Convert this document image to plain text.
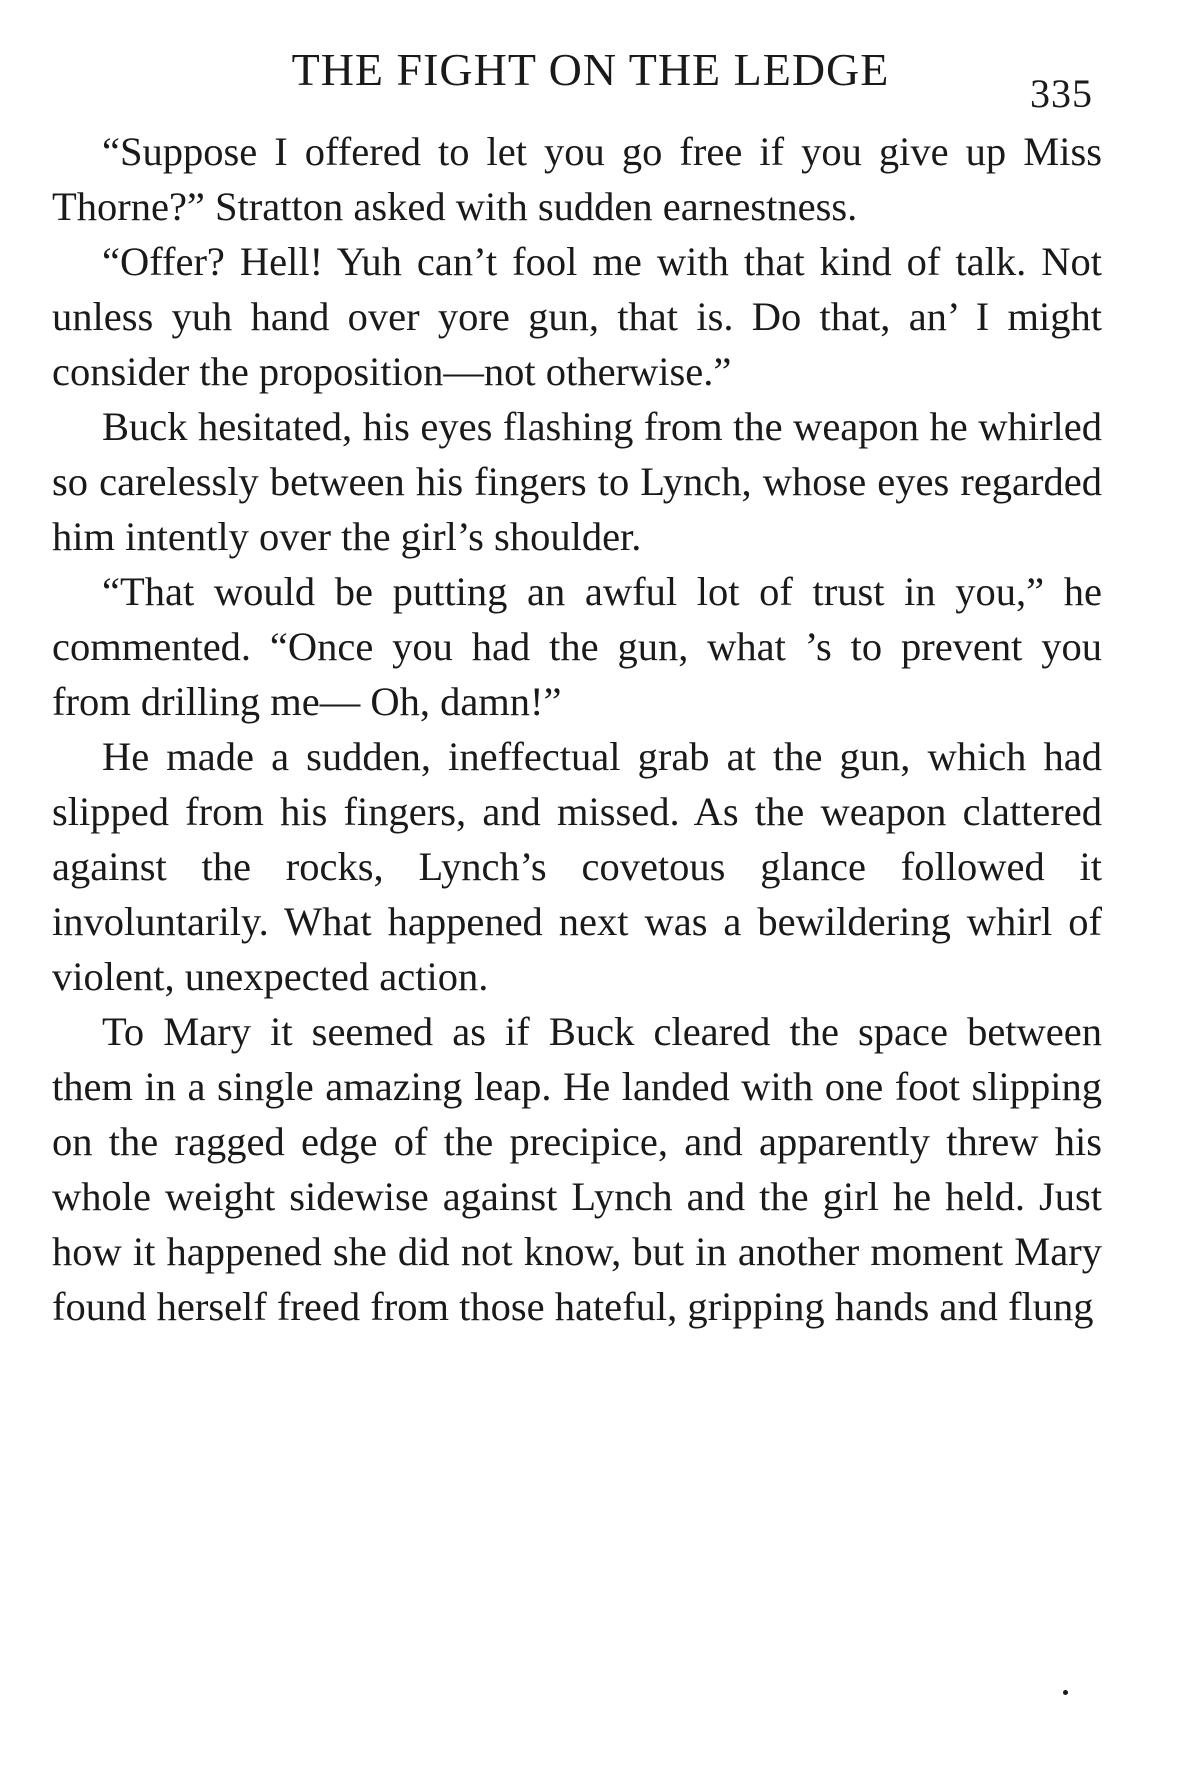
THE FIGHT ON THE LEDGE	335

“Suppose I offered to let you go free if you give up Miss Thorne?” Stratton asked with sudden earnestness.

“Offer? Hell! Yuh can’t fool me with that kind of talk. Not unless yuh hand over yore gun, that is. Do that, an’ I might consider the proposition—not otherwise.”

Buck hesitated, his eyes flashing from the weapon he whirled so carelessly between his fingers to Lynch, whose eyes regarded him intently over the girl’s shoulder.

“That would be putting an awful lot of trust in you,” he commented. “Once you had the gun, what ’s to prevent you from drilling me— Oh, damn!”

He made a sudden, ineffectual grab at the gun, which had slipped from his fingers, and missed. As the weapon clattered against the rocks, Lynch’s covetous glance followed it involuntarily. What happened next was a bewildering whirl of violent, unexpected action.

To Mary it seemed as if Buck cleared the space between them in a single amazing leap. He landed with one foot slipping on the ragged edge of the precipice, and apparently threw his whole weight sidewise against Lynch and the girl he held. Just how it happened she did not know, but in another moment Mary found herself freed from those hateful, gripping hands and flung
